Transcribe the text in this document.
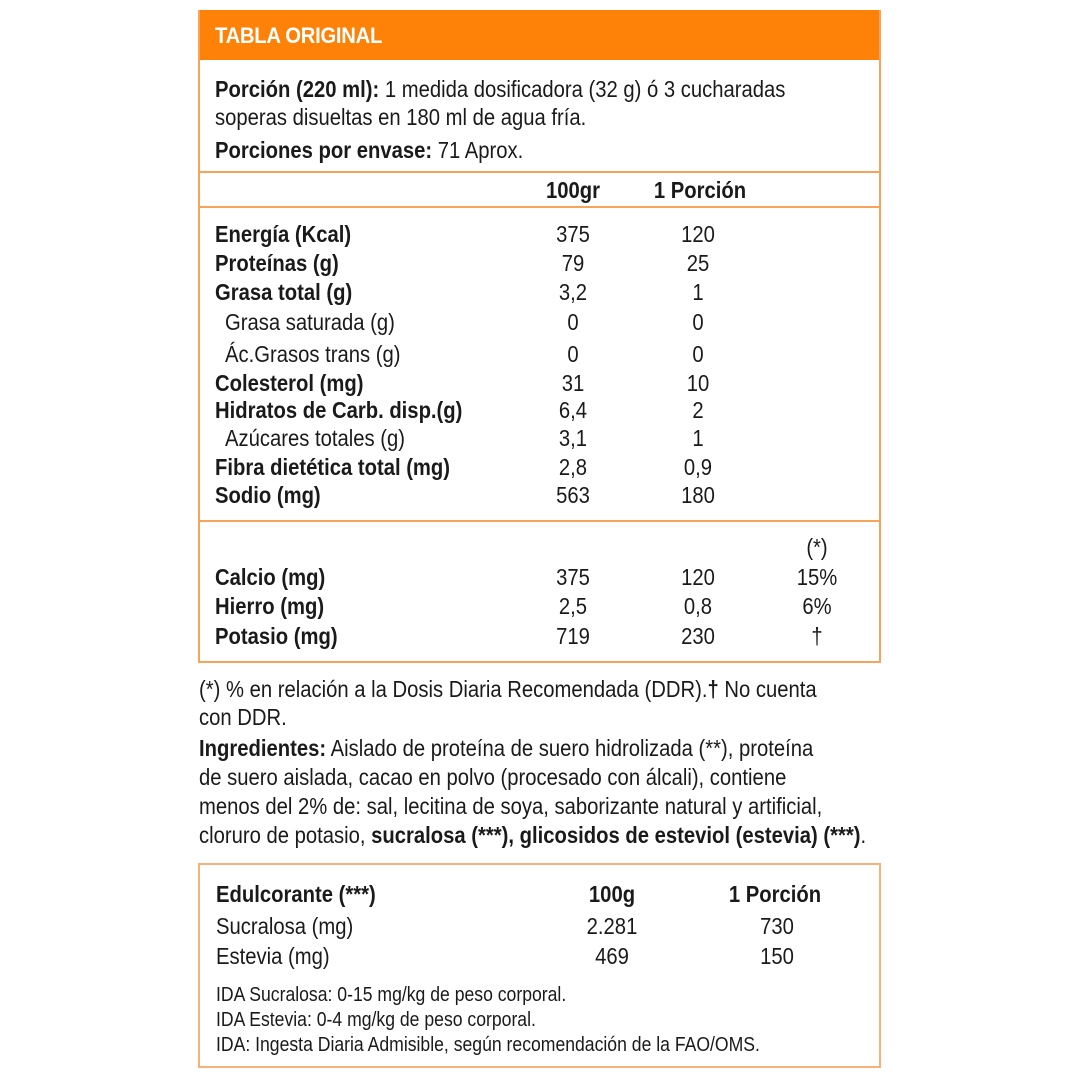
TABLA ORIGINAL
Porción (220 ml): 1 medida dosificadora (32 g) ó 3 cucharadas
soperas disueltas en 180 ml de agua fría.
Porciones por envase: 71 Aprox.
100gr	1 Porción
Energía (Kcal)	375	120
Proteínas (g)	79	25
Grasa total (g)	3,2	1
Grasa saturada (g)	0	0
Ác.Grasos trans (g)	0	0
Colesterol (mg)	31	10
Hidratos de Carb. disp.(g)	6,4	2
Azúcares totales (g)	3,1	1
Fibra dietética total (mg)	2,8	0,9
Sodio (mg)	563	180
(*)
Calcio (mg)	375	120	15%
Hierro (mg)	2,5	0,8	6%
Potasio (mg)	719	230	†
(*) % en relación a la Dosis Diaria Recomendada (DDR).† No cuenta
con DDR.
Ingredientes: Aislado de proteína de suero hidrolizada (**), proteína
de suero aislada, cacao en polvo (procesado con álcali), contiene
menos del 2% de: sal, lecitina de soya, saborizante natural y artificial,
cloruro de potasio, sucralosa (***), glicosidos de esteviol (estevia) (***).
Edulcorante (***)	100g	1 Porción
Sucralosa (mg)	2.281	730
Estevia (mg)	469	150
IDA Sucralosa: 0-15 mg/kg de peso corporal.
IDA Estevia: 0-4 mg/kg de peso corporal.
IDA: Ingesta Diaria Admisible, según recomendación de la FAO/OMS.
